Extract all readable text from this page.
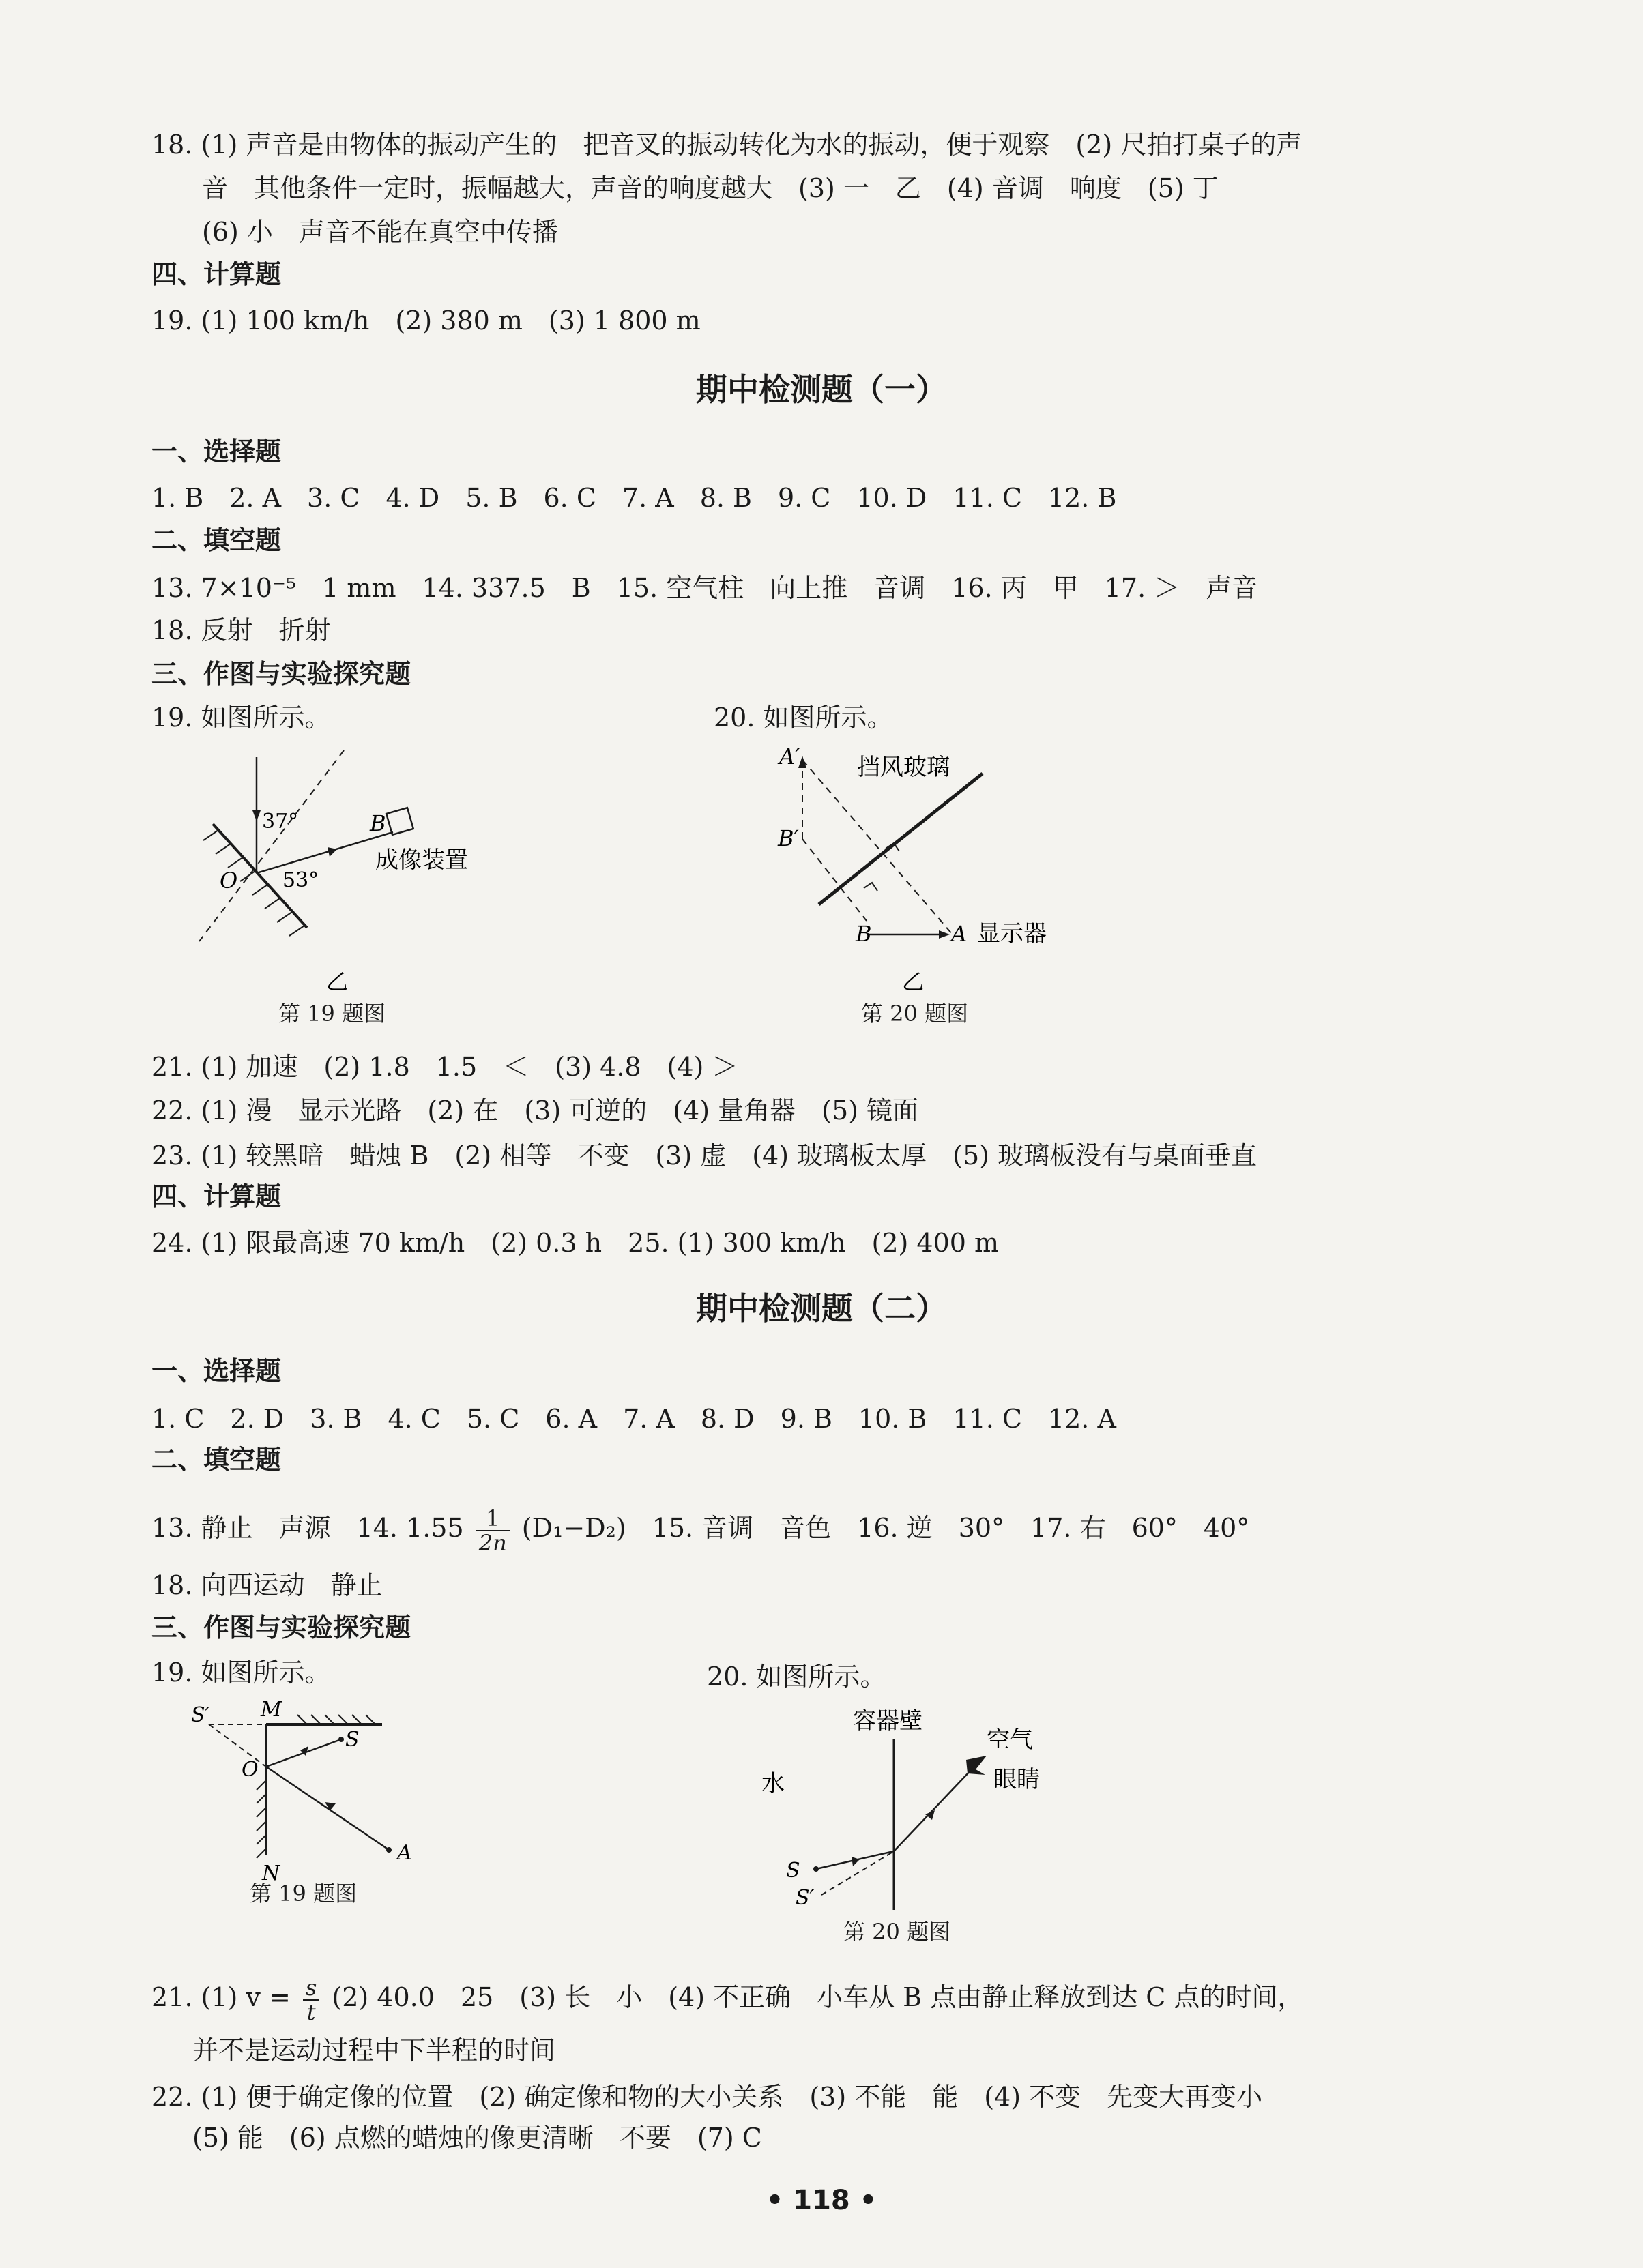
18. (1) 声音是由物体的振动产生的　把音叉的振动转化为水的振动，便于观察　(2) 尺拍打桌子的声
音　其他条件一定时，振幅越大，声音的响度越大　(3) 一　乙　(4) 音调　响度　(5) 丁
(6) 小　声音不能在真空中传播
四、计算题
19. (1) 100 km/h　(2) 380 m　(3) 1 800 m
期中检测题（一）
一、选择题
1. B　2. A　3. C　4. D　5. B　6. C　7. A　8. B　9. C　10. D　11. C　12. B
二、填空题
13. 7×10⁻⁵　1 mm　14. 337.5　B　15. 空气柱　向上推　音调　16. 丙　甲　17. ＞　声音
18. 反射　折射
三、作图与实验探究题
19. 如图所示。	20. 如图所示。
37°
53°
O
B
成像装置
乙
第 19 题图
A′
B′
B	A
挡风玻璃
显示器
乙
第 20 题图
21. (1) 加速　(2) 1.8　1.5　＜　(3) 4.8　(4) ＞
22. (1) 漫　显示光路　(2) 在　(3) 可逆的　(4) 量角器　(5) 镜面
23. (1) 较黑暗　蜡烛 B　(2) 相等　不变　(3) 虚　(4) 玻璃板太厚　(5) 玻璃板没有与桌面垂直
四、计算题
24. (1) 限最高速 70 km/h　(2) 0.3 h　25. (1) 300 km/h　(2) 400 m
期中检测题（二）
一、选择题
1. C　2. D　3. B　4. C　5. C　6. A　7. A　8. D　9. B　10. B　11. C　12. A
二、填空题
13. 静止　声源　14. $1.55 \frac{1}{2n} (D_1-D_2)$　15. 音调　音色　16. 逆　30°　17. 右　60°　40°
18. 向西运动　静止
三、作图与实验探究题
19. 如图所示。	20. 如图所示。
S′ M
S
O
N
A
第 19 题图
容器壁
空气
水	眼睛
S
S′
第 20 题图
21. (1) $v = \frac{s}{t} (2)$ 40.0　25　(3) 长　小　(4) 不正确　小车从 B 点由静止释放到达 C 点的时间，
并不是运动过程中下半程的时间
22. (1) 便于确定像的位置　(2) 确定像和物的大小关系　(3) 不能　能　(4) 不变　先变大再变小
(5) 能　(6) 点燃的蜡烛的像更清晰　不要　(7) C
• 118 •
